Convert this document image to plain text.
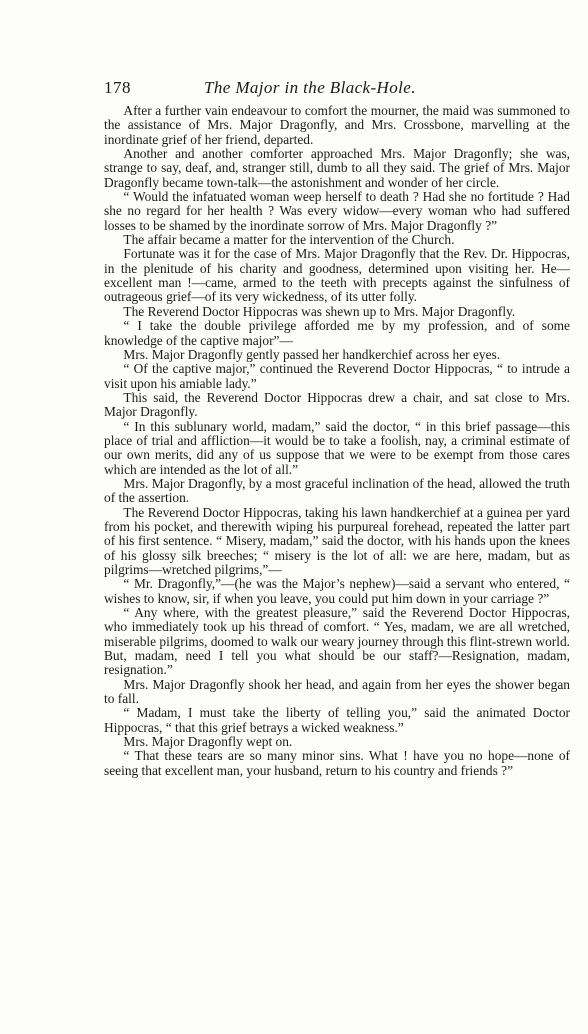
178	The Major in the Black-Hole.

After a further vain endeavour to comfort the mourner, the maid was summoned to the assistance of Mrs. Major Dragonfly, and Mrs. Crossbone, marvelling at the inordinate grief of her friend, departed.

Another and another comforter approached Mrs. Major Dragonfly; she was, strange to say, deaf, and, stranger still, dumb to all they said. The grief of Mrs. Major Dragonfly became town-talk—the astonishment and wonder of her circle.

“ Would the infatuated woman weep herself to death ? Had she no fortitude ? Had she no regard for her health ? Was every widow—every woman who had suffered losses to be shamed by the inordinate sorrow of Mrs. Major Dragonfly ?”

The affair became a matter for the intervention of the Church.

Fortunate was it for the case of Mrs. Major Dragonfly that the Rev. Dr. Hippocras, in the plenitude of his charity and goodness, determined upon visiting her. He—excellent man !—came, armed to the teeth with precepts against the sinfulness of outrageous grief—of its very wickedness, of its utter folly.

The Reverend Doctor Hippocras was shewn up to Mrs. Major Dragonfly.

“ I take the double privilege afforded me by my profession, and of some knowledge of the captive major”—

Mrs. Major Dragonfly gently passed her handkerchief across her eyes.

“ Of the captive major,” continued the Reverend Doctor Hippocras, “ to intrude a visit upon his amiable lady.”

This said, the Reverend Doctor Hippocras drew a chair, and sat close to Mrs. Major Dragonfly.

“ In this sublunary world, madam,” said the doctor, “ in this brief passage—this place of trial and affliction—it would be to take a foolish, nay, a criminal estimate of our own merits, did any of us suppose that we were to be exempt from those cares which are intended as the lot of all.”

Mrs. Major Dragonfly, by a most graceful inclination of the head, allowed the truth of the assertion.

The Reverend Doctor Hippocras, taking his lawn handkerchief at a guinea per yard from his pocket, and therewith wiping his purpureal forehead, repeated the latter part of his first sentence. “ Misery, madam,” said the doctor, with his hands upon the knees of his glossy silk breeches; “ misery is the lot of all: we are here, madam, but as pilgrims—wretched pilgrims,”—

“ Mr. Dragonfly,”—(he was the Major’s nephew)—said a servant who entered, “ wishes to know, sir, if when you leave, you could put him down in your carriage ?”

“ Any where, with the greatest pleasure,” said the Reverend Doctor Hippocras, who immediately took up his thread of comfort. “ Yes, madam, we are all wretched, miserable pilgrims, doomed to walk our weary journey through this flint-strewn world. But, madam, need I tell you what should be our staff?—Resignation, madam, resignation.”

Mrs. Major Dragonfly shook her head, and again from her eyes the shower began to fall.

“ Madam, I must take the liberty of telling you,” said the animated Doctor Hippocras, “ that this grief betrays a wicked weakness.”

Mrs. Major Dragonfly wept on.

“ That these tears are so many minor sins. What ! have you no hope—none of seeing that excellent man, your husband, return to his country and friends ?”
